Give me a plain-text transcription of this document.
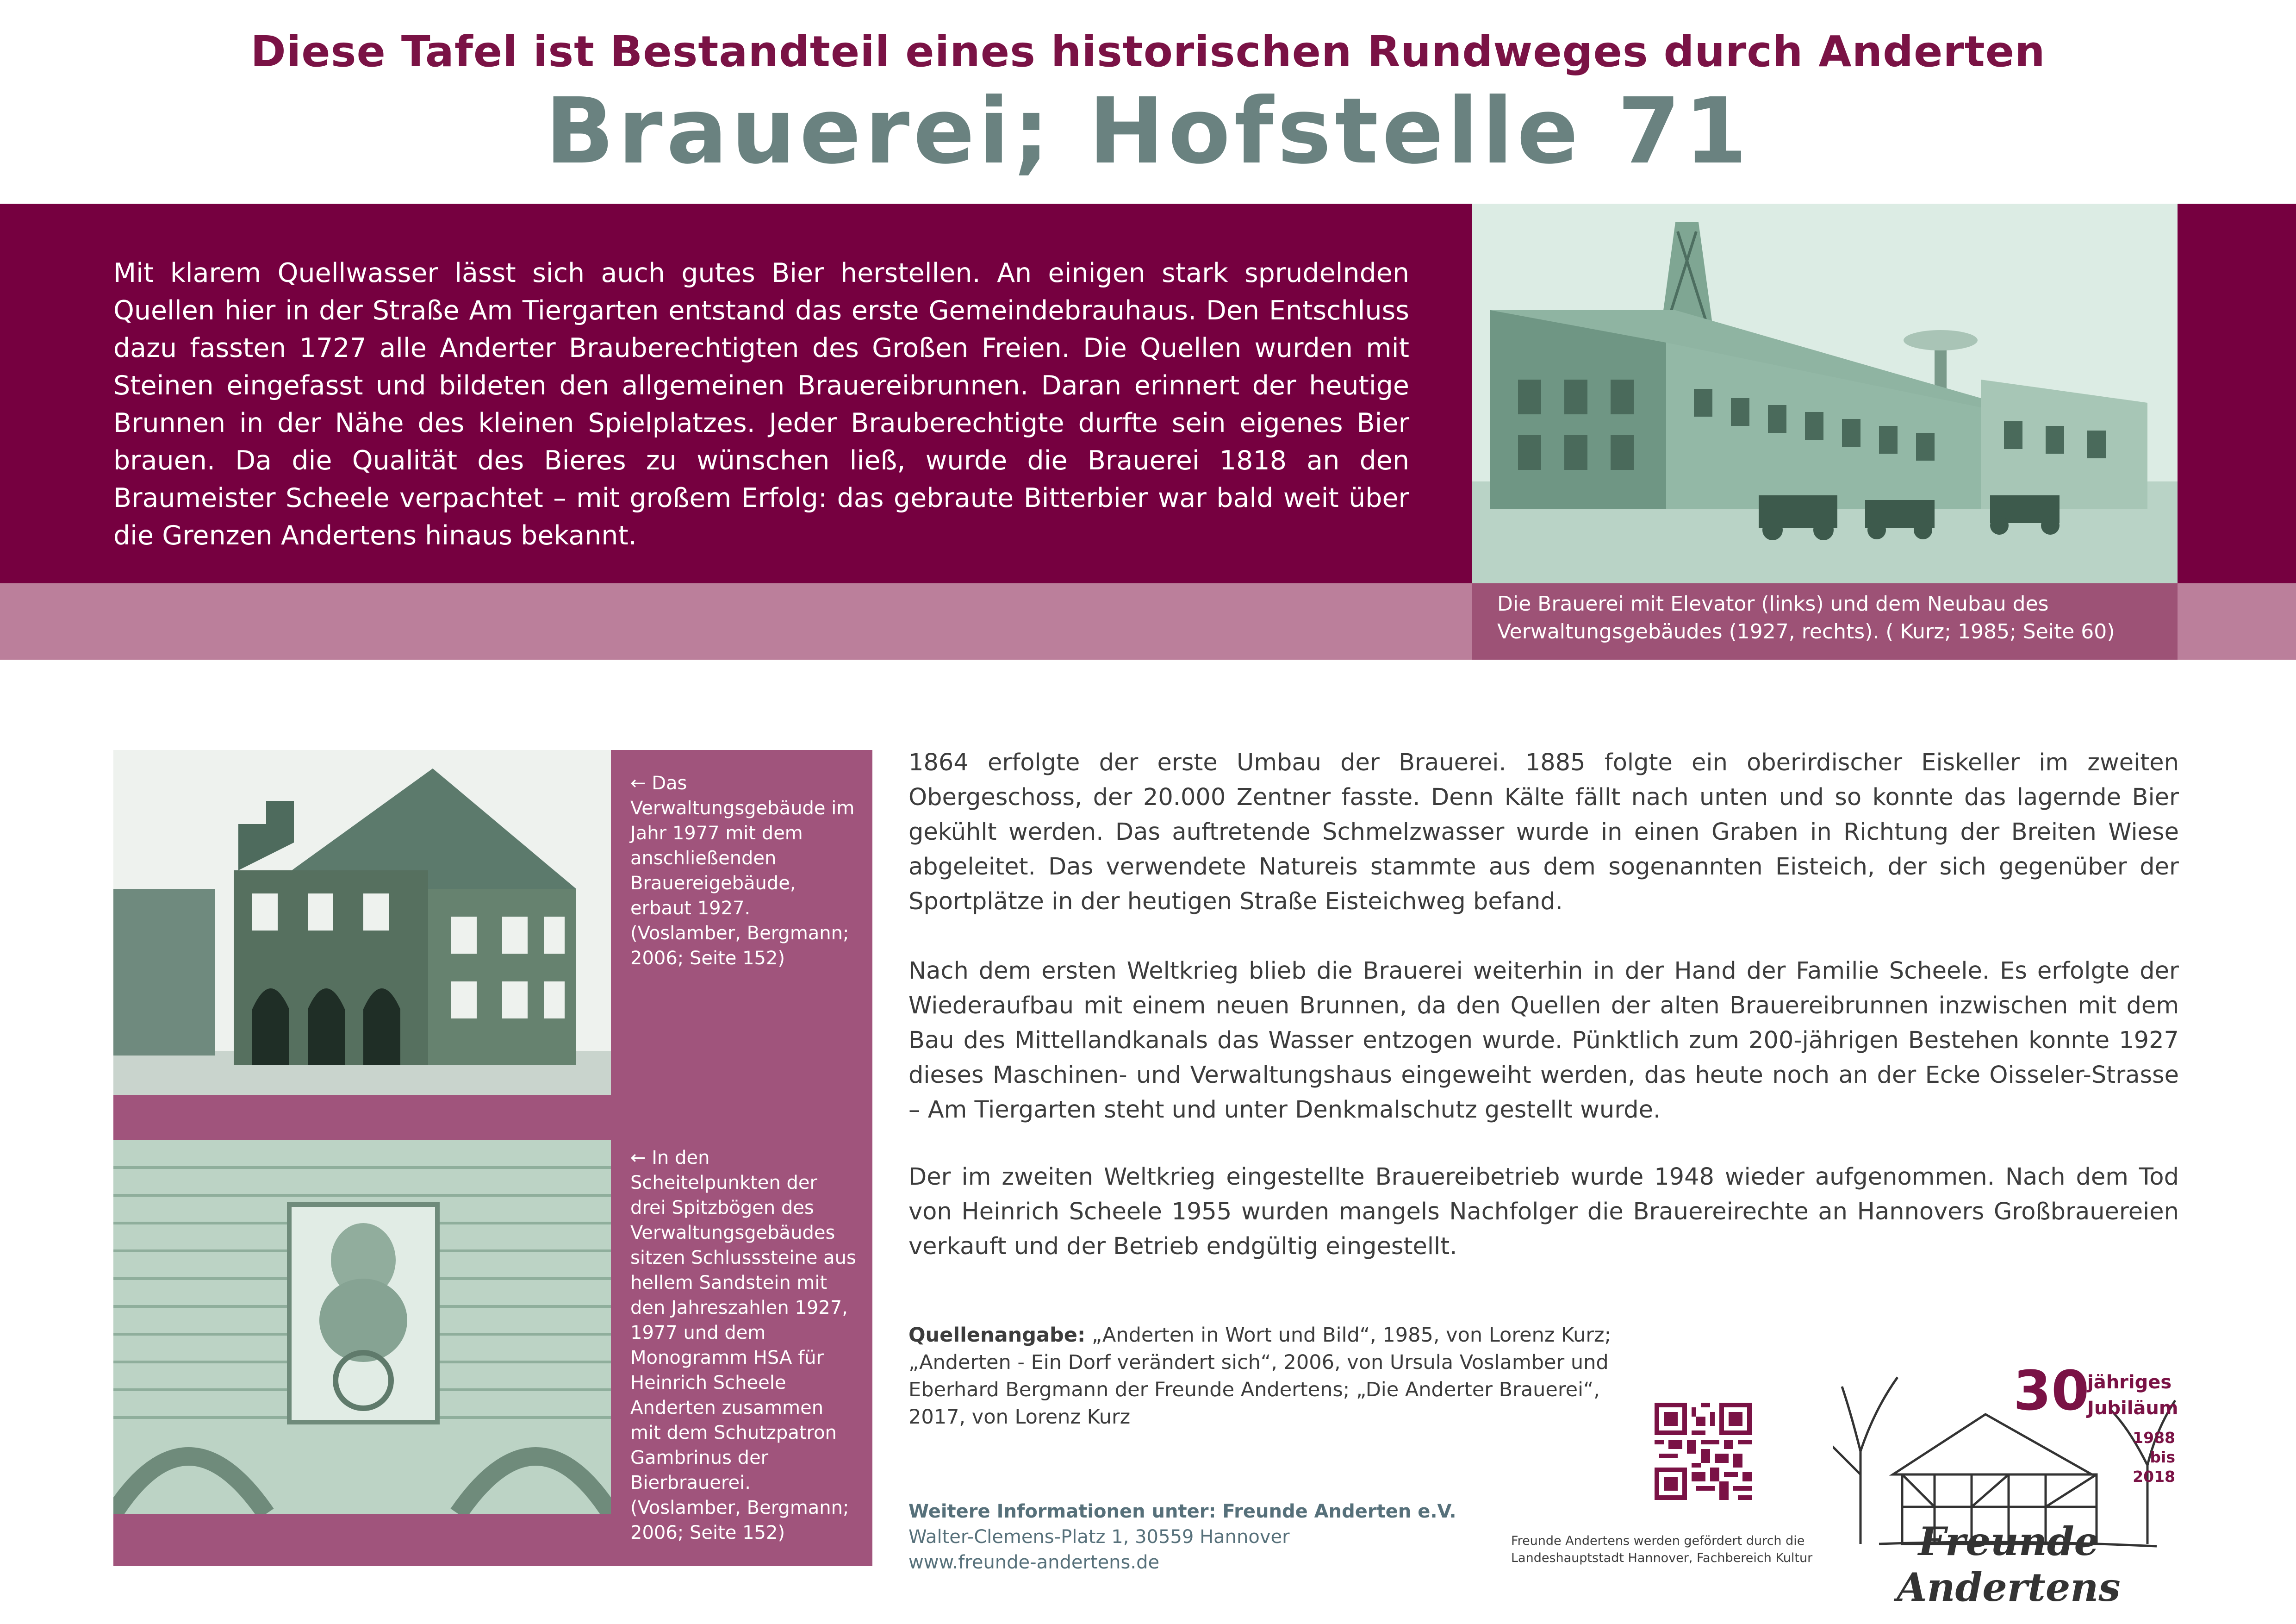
Diese Tafel ist Bestandteil eines historischen Rundweges durch Anderten
Brauerei; Hofstelle 71
Mit klarem Quellwasser lässt sich auch gutes Bier herstellen. An einigen stark sprudelnden Quellen hier in der Straße Am Tiergarten entstand das erste Gemeindebrauhaus. Den Entschluss dazu fassten 1727 alle Anderter Brauberechtigten des Großen Freien. Die Quellen wurden mit Steinen eingefasst und bildeten den allgemeinen Brauereibrunnen. Daran erinnert der heutige Brunnen in der Nähe des kleinen Spielplatzes. Jeder Brauberechtigte durfte sein eigenes Bier brauen. Da die Qualität des Bieres zu wünschen ließ, wurde die Brauerei 1818 an den Braumeister Scheele verpachtet – mit großem Erfolg: das gebraute Bitterbier war bald weit über die Grenzen Andertens hinaus bekannt.
Die Brauerei mit Elevator (links) und dem Neubau des Verwaltungsgebäudes (1927, rechts). ( Kurz; 1985; Seite 60)
← Das Verwaltungsgebäude im Jahr 1977 mit dem anschließenden Brauereigebäude, erbaut 1927. (Voslamber, Bergmann; 2006; Seite 152)
← In den Scheitelpunkten der drei Spitzbögen des Verwaltungsgebäudes sitzen Schlusssteine aus hellem Sandstein mit den Jahreszahlen 1927, 1977 und dem Monogramm HSA für Heinrich Scheele Anderten zusammen mit dem Schutzpatron Gambrinus der Bierbrauerei. (Voslamber, Bergmann; 2006; Seite 152)
1864 erfolgte der erste Umbau der Brauerei. 1885 folgte ein oberirdischer Eiskeller im zweiten Obergeschoss, der 20.000 Zentner fasste. Denn Kälte fällt nach unten und so konnte das lagernde Bier gekühlt werden. Das auftretende Schmelzwasser wurde in einen Graben in Richtung der Breiten Wiese abgeleitet. Das verwendete Natureis stammte aus dem sogenannten Eisteich, der sich gegenüber der Sportplätze in der heutigen Straße Eisteichweg befand.
Nach dem ersten Weltkrieg blieb die Brauerei weiterhin in der Hand der Familie Scheele. Es erfolgte der Wiederaufbau mit einem neuen Brunnen, da den Quellen der alten Brauereibrunnen inzwischen mit dem Bau des Mittellandkanals das Wasser entzogen wurde. Pünktlich zum 200-jährigen Bestehen konnte 1927 dieses Maschinen- und Verwaltungshaus eingeweiht werden, das heute noch an der Ecke Oisseler-Strasse – Am Tiergarten steht und unter Denkmalschutz gestellt wurde.
Der im zweiten Weltkrieg eingestellte Brauereibetrieb wurde 1948 wieder aufgenommen. Nach dem Tod von Heinrich Scheele 1955 wurden mangels Nachfolger die Brauereirechte an Hannovers Großbrauereien verkauft und der Betrieb endgültig eingestellt.
Quellenangabe: „Anderten in Wort und Bild“, 1985, von Lorenz Kurz; „Anderten - Ein Dorf verändert sich“, 2006, von Ursula Voslamber und Eberhard Bergmann der Freunde Andertens; „Die Anderter Brauerei“, 2017, von Lorenz Kurz
Weitere Informationen unter: Freunde Anderten e.V.
Walter-Clemens-Platz 1, 30559 Hannover
www.freunde-andertens.de
Freunde Andertens werden gefördert durch die
Landeshauptstadt Hannover, Fachbereich Kultur	Freunde Andertens
30
jähriges
Jubiläum
1988
bis
2018
